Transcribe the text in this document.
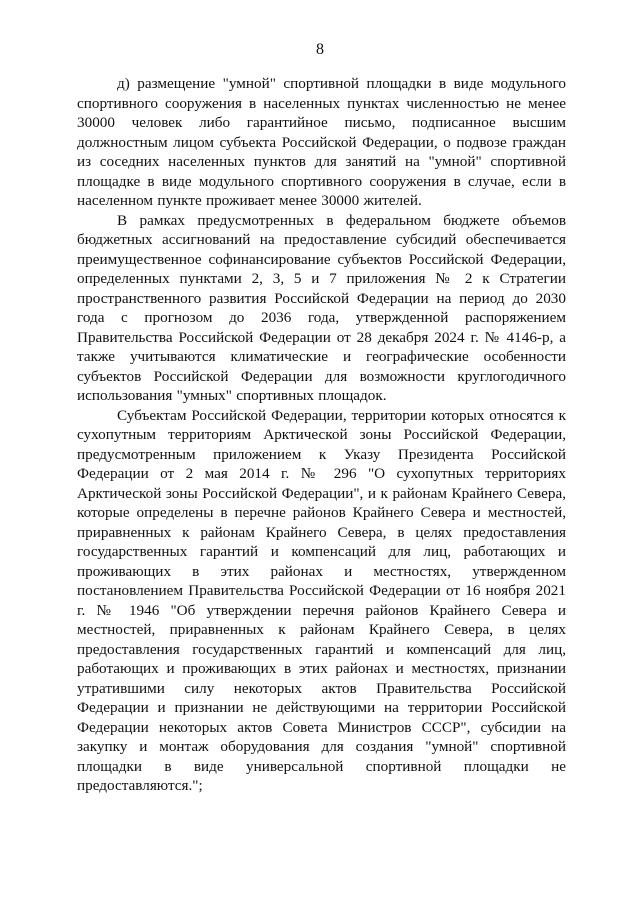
8

д) размещение "умной" спортивной площадки в виде модульного спортивного сооружения в населенных пунктах численностью не менее 30000 человек либо гарантийное письмо, подписанное высшим должностным лицом субъекта Российской Федерации, о подвозе граждан из соседних населенных пунктов для занятий на "умной" спортивной площадке в виде модульного спортивного сооружения в случае, если в населенном пункте проживает менее 30000 жителей.

В рамках предусмотренных в федеральном бюджете объемов бюджетных ассигнований на предоставление субсидий обеспечивается преимущественное софинансирование субъектов Российской Федерации, определенных пунктами 2, 3, 5 и 7 приложения № 2 к Стратегии пространственного развития Российской Федерации на период до 2030 года с прогнозом до 2036 года, утвержденной распоряжением Правительства Российской Федерации от 28 декабря 2024 г. № 4146-р, а также учитываются климатические и географические особенности субъектов Российской Федерации для возможности круглогодичного использования "умных" спортивных площадок.

Субъектам Российской Федерации, территории которых относятся к сухопутным территориям Арктической зоны Российской Федерации, предусмотренным приложением к Указу Президента Российской Федерации от 2 мая 2014 г. № 296 "О сухопутных территориях Арктической зоны Российской Федерации", и к районам Крайнего Севера, которые определены в перечне районов Крайнего Севера и местностей, приравненных к районам Крайнего Севера, в целях предоставления государственных гарантий и компенсаций для лиц, работающих и проживающих в этих районах и местностях, утвержденном постановлением Правительства Российской Федерации от 16 ноября 2021 г. № 1946 "Об утверждении перечня районов Крайнего Севера и местностей, приравненных к районам Крайнего Севера, в целях предоставления государственных гарантий и компенсаций для лиц, работающих и проживающих в этих районах и местностях, признании утратившими силу некоторых актов Правительства Российской Федерации и признании не действующими на территории Российской Федерации некоторых актов Совета Министров СССР", субсидии на закупку и монтаж оборудования для создания "умной" спортивной площадки в виде универсальной спортивной площадки не предоставляются.";
